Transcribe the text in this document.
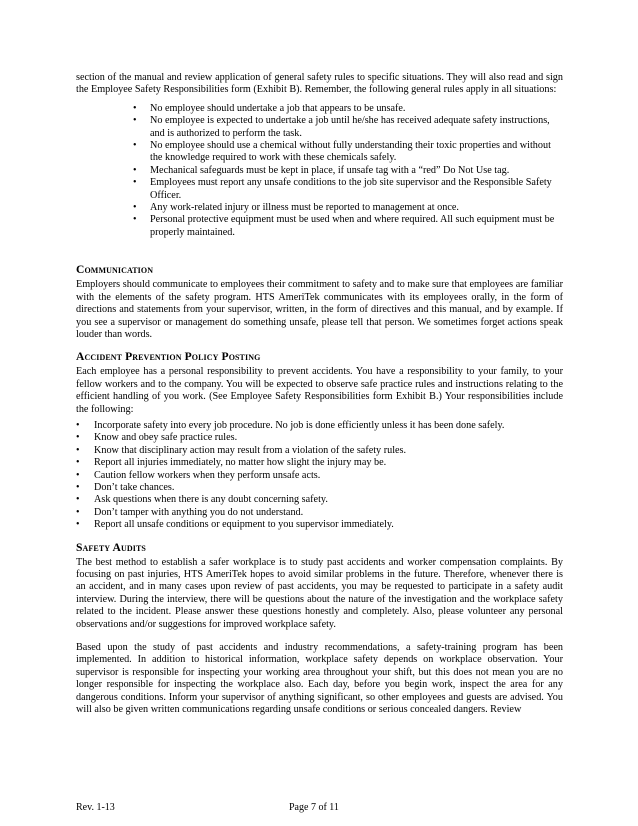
section of the manual and review application of general safety rules to specific situations. They will also read and sign the Employee Safety Responsibilities form (Exhibit B). Remember, the following general rules apply in all situations:

• No employee should undertake a job that appears to be unsafe.
• No employee is expected to undertake a job until he/she has received adequate safety instructions, and is authorized to perform the task.
• No employee should use a chemical without fully understanding their toxic properties and without the knowledge required to work with these chemicals safely.
• Mechanical safeguards must be kept in place, if unsafe tag with a “red” Do Not Use tag.
• Employees must report any unsafe conditions to the job site supervisor and the Responsible Safety Officer.
• Any work-related injury or illness must be reported to management at once.
• Personal protective equipment must be used when and where required. All such equipment must be properly maintained.
Communication

Employers should communicate to employees their commitment to safety and to make sure that employees are familiar with the elements of the safety program. HTS AmeriTek communicates with its employees orally, in the form of directions and statements from your supervisor, written, in the form of directives and this manual, and by example. If you see a supervisor or management do something unsafe, please tell that person. We sometimes forget actions speak louder than words.

Accident Prevention Policy Posting

Each employee has a personal responsibility to prevent accidents. You have a responsibility to your family, to your fellow workers and to the company. You will be expected to observe safe practice rules and instructions relating to the efficient handling of you work. (See Employee Safety Responsibilities form Exhibit B.) Your responsibilities include the following:

• Incorporate safety into every job procedure. No job is done efficiently unless it has been done safely.
• Know and obey safe practice rules.
• Know that disciplinary action may result from a violation of the safety rules.
• Report all injuries immediately, no matter how slight the injury may be.
• Caution fellow workers when they perform unsafe acts.
• Don’t take chances.
• Ask questions when there is any doubt concerning safety.
• Don’t tamper with anything you do not understand.
• Report all unsafe conditions or equipment to you supervisor immediately.
Safety Audits

The best method to establish a safer workplace is to study past accidents and worker compensation complaints. By focusing on past injuries, HTS AmeriTek hopes to avoid similar problems in the future. Therefore, whenever there is an accident, and in many cases upon review of past accidents, you may be requested to participate in a safety audit interview. During the interview, there will be questions about the nature of the investigation and the workplace safety related to the incident. Please answer these questions honestly and completely. Also, please volunteer any personal observations and/or suggestions for improved workplace safety.

Based upon the study of past accidents and industry recommendations, a safety-training program has been implemented. In addition to historical information, workplace safety depends on workplace observation. Your supervisor is responsible for inspecting your working area throughout your shift, but this does not mean you are no longer responsible for inspecting the workplace also. Each day, before you begin work, inspect the area for any dangerous conditions. Inform your supervisor of anything significant, so other employees and guests are advised. You will also be given written communications regarding unsafe conditions or serious concealed dangers. Review

Rev. 1-13	Page 7 of 11
